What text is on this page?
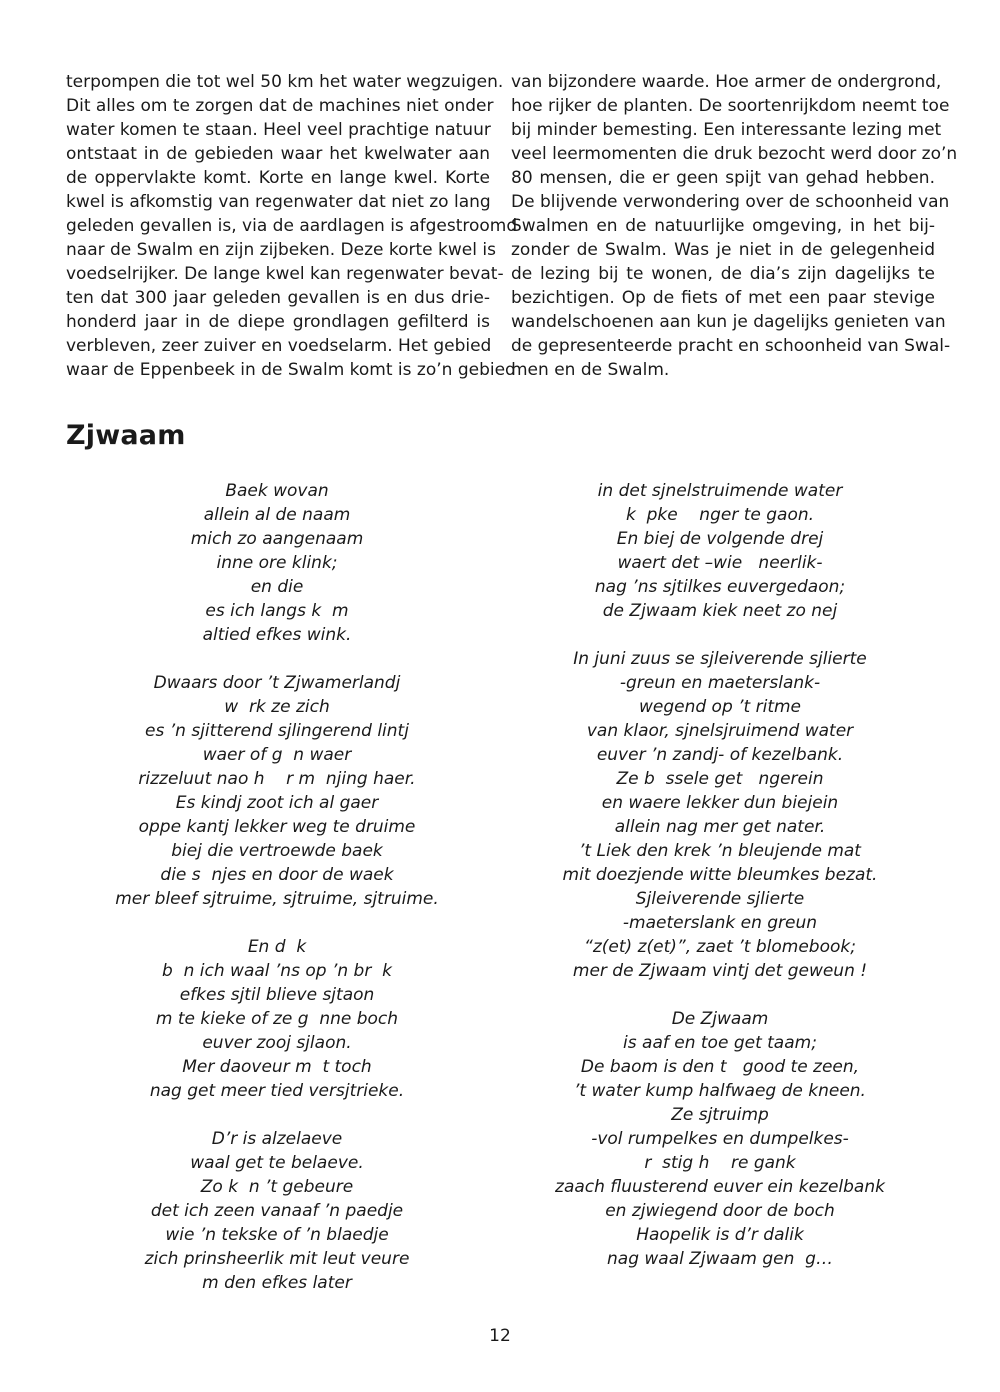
terpompen die tot wel 50 km het water wegzuigen.
Dit alles om te zorgen dat de machines niet onder
water komen te staan. Heel veel prachtige natuur
ontstaat in de gebieden waar het kwelwater aan
de oppervlakte komt. Korte en lange kwel. Korte
kwel is afkomstig van regenwater dat niet zo lang
geleden gevallen is, via de aardlagen is afgestroomd
naar de Swalm en zijn zijbeken. Deze korte kwel is
voedselrijker. De lange kwel kan regenwater bevat-
ten dat 300 jaar geleden gevallen is en dus drie-
honderd jaar in de diepe grondlagen gefilterd is
verbleven, zeer zuiver en voedselarm. Het gebied
waar de Eppenbeek in de Swalm komt is zo’n gebied
van bijzondere waarde. Hoe armer de ondergrond,
hoe rijker de planten. De soortenrijkdom neemt toe
bij minder bemesting. Een interessante lezing met
veel leermomenten die druk bezocht werd door zo’n
80 mensen, die er geen spijt van gehad hebben.
De blijvende verwondering over de schoonheid van
Swalmen en de natuurlijke omgeving, in het bij-
zonder de Swalm. Was je niet in de gelegenheid
de lezing bij te wonen, de dia’s zijn dagelijks te
bezichtigen. Op de fiets of met een paar stevige
wandelschoenen aan kun je dagelijks genieten van
de gepresenteerde pracht en schoonheid van Swal-
men en de Swalm.
Zjwaam
Baek wovan
allein al de naam
mich zo aangenaam
inne ore klink;
en die
es ich langs k  m
altied efkes wink.
Dwaars door ’t Zjwamerlandj
w  rk ze zich
es ’n sjitterend sjlingerend lintj
waer of g  n waer
rizzeluut nao h    r m  njing haer.
Es kindj zoot ich al gaer
oppe kantj lekker weg te druime
biej die vertroewde baek
die s  njes en door de waek
mer bleef sjtruime, sjtruime, sjtruime.
En d  k
b  n ich waal ’ns op ’n br  k
efkes sjtil blieve sjtaon
m te kieke of ze g  nne boch
euver zooj sjlaon.
Mer daoveur m  t toch
nag get meer tied versjtrieke.
D’r is alzelaeve
waal get te belaeve.
Zo k  n ’t gebeure
det ich zeen vanaaf ’n paedje
wie ’n tekske of ’n blaedje
zich prinsheerlik mit leut veure
m den efkes later
in det sjnelstruimende water
k  pke    nger te gaon.
En biej de volgende drej
waert det –wie   neerlik-
nag ’ns sjtilkes euvergedaon;
de Zjwaam kiek neet zo nej
In juni zuus se sjleiverende sjlierte
-greun en maeterslank-
wegend op ’t ritme
van klaor, sjnelsjruimend water
euver ’n zandj- of kezelbank.
Ze b  ssele get   ngerein
en waere lekker dun biejein
allein nag mer get nater.
’t Liek den krek ’n bleujende mat
mit doezjende witte bleumkes bezat.
Sjleiverende sjlierte
-maeterslank en greun
“z(et) z(et)”, zaet ’t blomebook;
mer de Zjwaam vintj det geweun !
De Zjwaam
is aaf en toe get taam;
De baom is den t   good te zeen,
’t water kump halfwaeg de kneen.
Ze sjtruimp
-vol rumpelkes en dumpelkes-
r  stig h    re gank
zaach fluusterend euver ein kezelbank
en zjwiegend door de boch
Haopelik is d’r dalik
nag waal Zjwaam gen  g…
12
